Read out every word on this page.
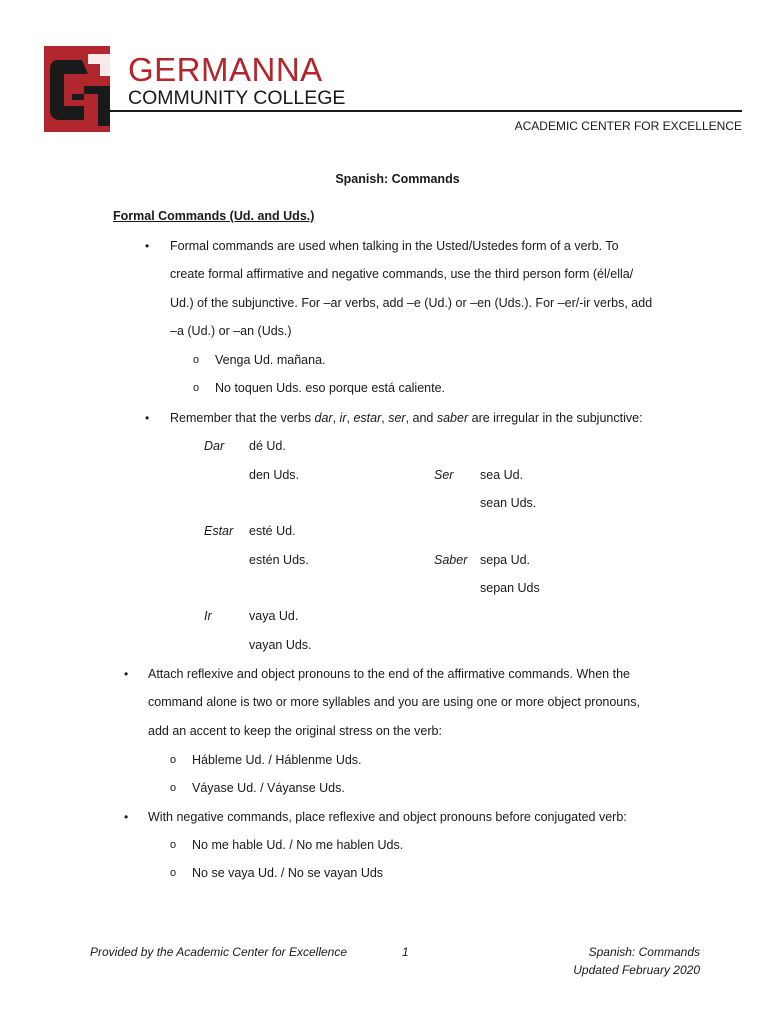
GERMANNA
COMMUNITY COLLEGE
ACADEMIC CENTER FOR EXCELLENCE
Spanish: Commands
Formal Commands (Ud. and Uds.)
• Formal commands are used when talking in the Usted/Ustedes form of a verb. To
create formal affirmative and negative commands, use the third person form (él/ella/
Ud.) of the subjunctive. For –ar verbs, add –e (Ud.) or –en (Uds.). For –er/-ir verbs, add
–a (Ud.) or –an (Uds.)
o Venga Ud. mañana.
o No toquen Uds. eso porque está caliente.
• Remember that the verbs dar, ir, estar, ser, and saber are irregular in the subjunctive:
Dar dé Ud.
den Uds.	Ser sea Ud.
sean Uds.
Estar esté Ud.
estén Uds.	Saber sepa Ud.
sepan Uds
Ir	vaya Ud.
vayan Uds.
• Attach reflexive and object pronouns to the end of the affirmative commands. When the
command alone is two or more syllables and you are using one or more object pronouns,
add an accent to keep the original stress on the verb:
o Hábleme Ud. / Háblenme Uds.
o Váyase Ud. / Váyanse Uds.
• With negative commands, place reflexive and object pronouns before conjugated verb:
o No me hable Ud. / No me hablen Uds.
o No se vaya Ud. / No se vayan Uds
Provided by the Academic Center for Excellence	1	Spanish: Commands
Updated February 2020
